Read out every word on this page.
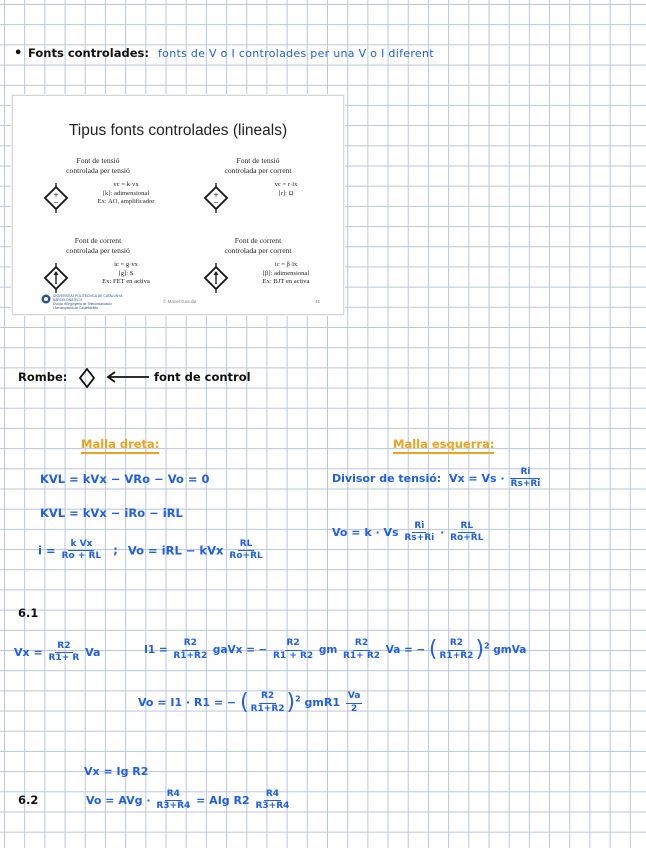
• Fonts controlades: fonts de V o I controlades per una V o I diferent
Tipus fonts controlades (lineals)
Font de tensió
controlada per tensió
+
−
vc = k·vx
[k]: adimensional
Ex: AO, amplificador
Font de tensió
controlada per corrent
+
−
vc = r·ix
[r]: Ω
Font de corrent
controlada per tensió
ic = g·vx
[g]: S
Ex: FET en activa
Font de corrent
controlada per corrent
ic = β·ix
[β]: adimensional
Ex: BJT en activa
UNIVERSITAT POLITÈCNICA DE CATALUNYA
BARCELONATECH
Escola d'Enginyeria de Telecomunicació
i Aeroespacial de Castelldefels
© Manel Gasulla	46
Rombe:	font de control
Malla dreta:
KVL = kVx − VRo − Vo = 0
KVL = kVx − iRo − iRL
$i = \frac{\text{k Vx}}{Ro + RL}$ ; Vo = iRL − kVx $\frac{RL}{Ro+RL}$
Malla esquerra:
Divisor de tensió: $Vx = Vs \cdot \frac{Ri}{Rs+Ri}$
Vo = k · Vs $\frac{Ri}{Rs+Ri} \cdot \frac{RL}{Ro+RL}$
6.1
$Vx = \frac{R2}{R1+ R}$ Va	$I1 = \frac{R2}{R1+R2}$ gaVx = − $\frac{R2}{R1 + R2}$ gm $\frac{R2}{R1+ R2}$ Va = − ( $\frac{R2}{R1+R2} )^2$ gmVa
Vo = I1 · R1 = − ( $\frac{R2}{R1+R2} )^2$ $gmR1 \frac{Va}{2}$
Vx = Ig R2
6.2	Vo = AVg · $\frac{R4}{R3+R4}$ = AIg $R2 \frac{R4}{R3+R4}$
